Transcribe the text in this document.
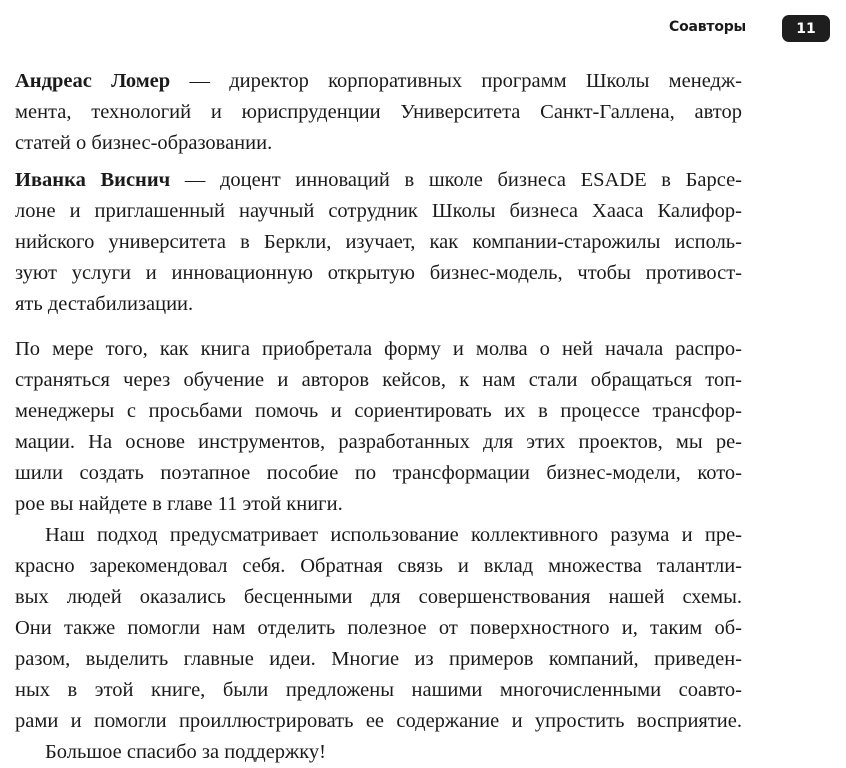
Соавторы	11

Андреас Ломер — директор корпоративных программ Школы менедж-
мента, технологий и юриспруденции Университета Санкт-Галлена, автор
статей о бизнес-образовании.

Иванка Виснич — доцент инноваций в школе бизнеса ESADE в Барсе-
лоне и приглашенный научный сотрудник Школы бизнеса Хааса Калифор-
нийского университета в Беркли, изучает, как компании-старожилы исполь-
зуют услуги и инновационную открытую бизнес-модель, чтобы противост-
ять дестабилизации.

По мере того, как книга приобретала форму и молва о ней начала распро-
страняться через обучение и авторов кейсов, к нам стали обращаться топ-
менеджеры с просьбами помочь и сориентировать их в процессе трансфор-
мации. На основе инструментов, разработанных для этих проектов, мы ре-
шили создать поэтапное пособие по трансформации бизнес-модели, кото-
рое вы найдете в главе 11 этой книги.

Наш подход предусматривает использование коллективного разума и пре-
красно зарекомендовал себя. Обратная связь и вклад множества талантли-
вых людей оказались бесценными для совершенствования нашей схемы.
Они также помогли нам отделить полезное от поверхностного и, таким об-
разом, выделить главные идеи. Многие из примеров компаний, приведен-
ных в этой книге, были предложены нашими многочисленными соавто-
рами и помогли проиллюстрировать ее содержание и упростить восприятие.

Большое спасибо за поддержку!
